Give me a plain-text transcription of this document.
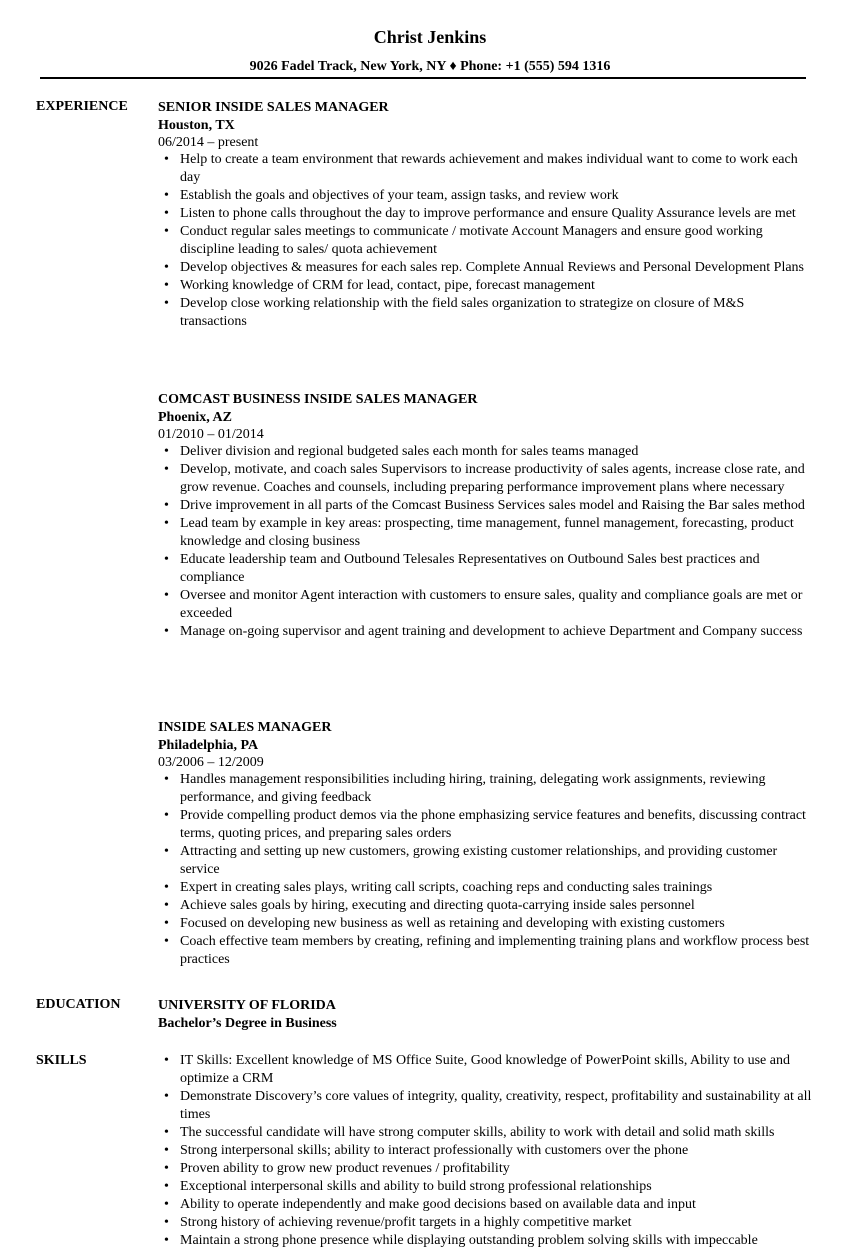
Christ Jenkins
9026 Fadel Track, New York, NY ♦ Phone: +1 (555) 594 1316
EXPERIENCE	SENIOR INSIDE SALES MANAGER
Houston, TX
06/2014 – present
• Help to create a team environment that rewards achievement and makes individual want to come to work each day
• Establish the goals and objectives of your team, assign tasks, and review work
• Listen to phone calls throughout the day to improve performance and ensure Quality Assurance levels are met
• Conduct regular sales meetings to communicate / motivate Account Managers and ensure good working discipline leading to sales/ quota achievement
• Develop objectives & measures for each sales rep. Complete Annual Reviews and Personal Development Plans
• Working knowledge of CRM for lead, contact, pipe, forecast management
• Develop close working relationship with the field sales organization to strategize on closure of M&S transactions
COMCAST BUSINESS INSIDE SALES MANAGER
Phoenix, AZ
01/2010 – 01/2014
• Deliver division and regional budgeted sales each month for sales teams managed
• Develop, motivate, and coach sales Supervisors to increase productivity of sales agents, increase close rate, and grow revenue. Coaches and counsels, including preparing performance improvement plans where necessary
• Drive improvement in all parts of the Comcast Business Services sales model and Raising the Bar sales method
• Lead team by example in key areas: prospecting, time management, funnel management, forecasting, product knowledge and closing business
• Educate leadership team and Outbound Telesales Representatives on Outbound Sales best practices and compliance
• Oversee and monitor Agent interaction with customers to ensure sales, quality and compliance goals are met or exceeded
• Manage on-going supervisor and agent training and development to achieve Department and Company success
INSIDE SALES MANAGER
Philadelphia, PA
03/2006 – 12/2009
• Handles management responsibilities including hiring, training, delegating work assignments, reviewing performance, and giving feedback
• Provide compelling product demos via the phone emphasizing service features and benefits, discussing contract terms, quoting prices, and preparing sales orders
• Attracting and setting up new customers, growing existing customer relationships, and providing customer service
• Expert in creating sales plays, writing call scripts, coaching reps and conducting sales trainings
• Achieve sales goals by hiring, executing and directing quota-carrying inside sales personnel
• Focused on developing new business as well as retaining and developing with existing customers
• Coach effective team members by creating, refining and implementing training plans and workflow process best practices
EDUCATION	UNIVERSITY OF FLORIDA
Bachelor’s Degree in Business
SKILLS
•	IT Skills: Excellent knowledge of MS Office Suite, Good knowledge of PowerPoint skills, Ability to use and optimize a CRM
• Demonstrate Discovery’s core values of integrity, quality, creativity, respect, profitability and sustainability at all times
• The successful candidate will have strong computer skills, ability to work with detail and solid math skills
• Strong interpersonal skills; ability to interact professionally with customers over the phone
• Proven ability to grow new product revenues / profitability
• Exceptional interpersonal skills and ability to build strong professional relationships
• Ability to operate independently and make good decisions based on available data and input
• Strong history of achieving revenue/profit targets in a highly competitive market
• Maintain a strong phone presence while displaying outstanding problem solving skills with impeccable
